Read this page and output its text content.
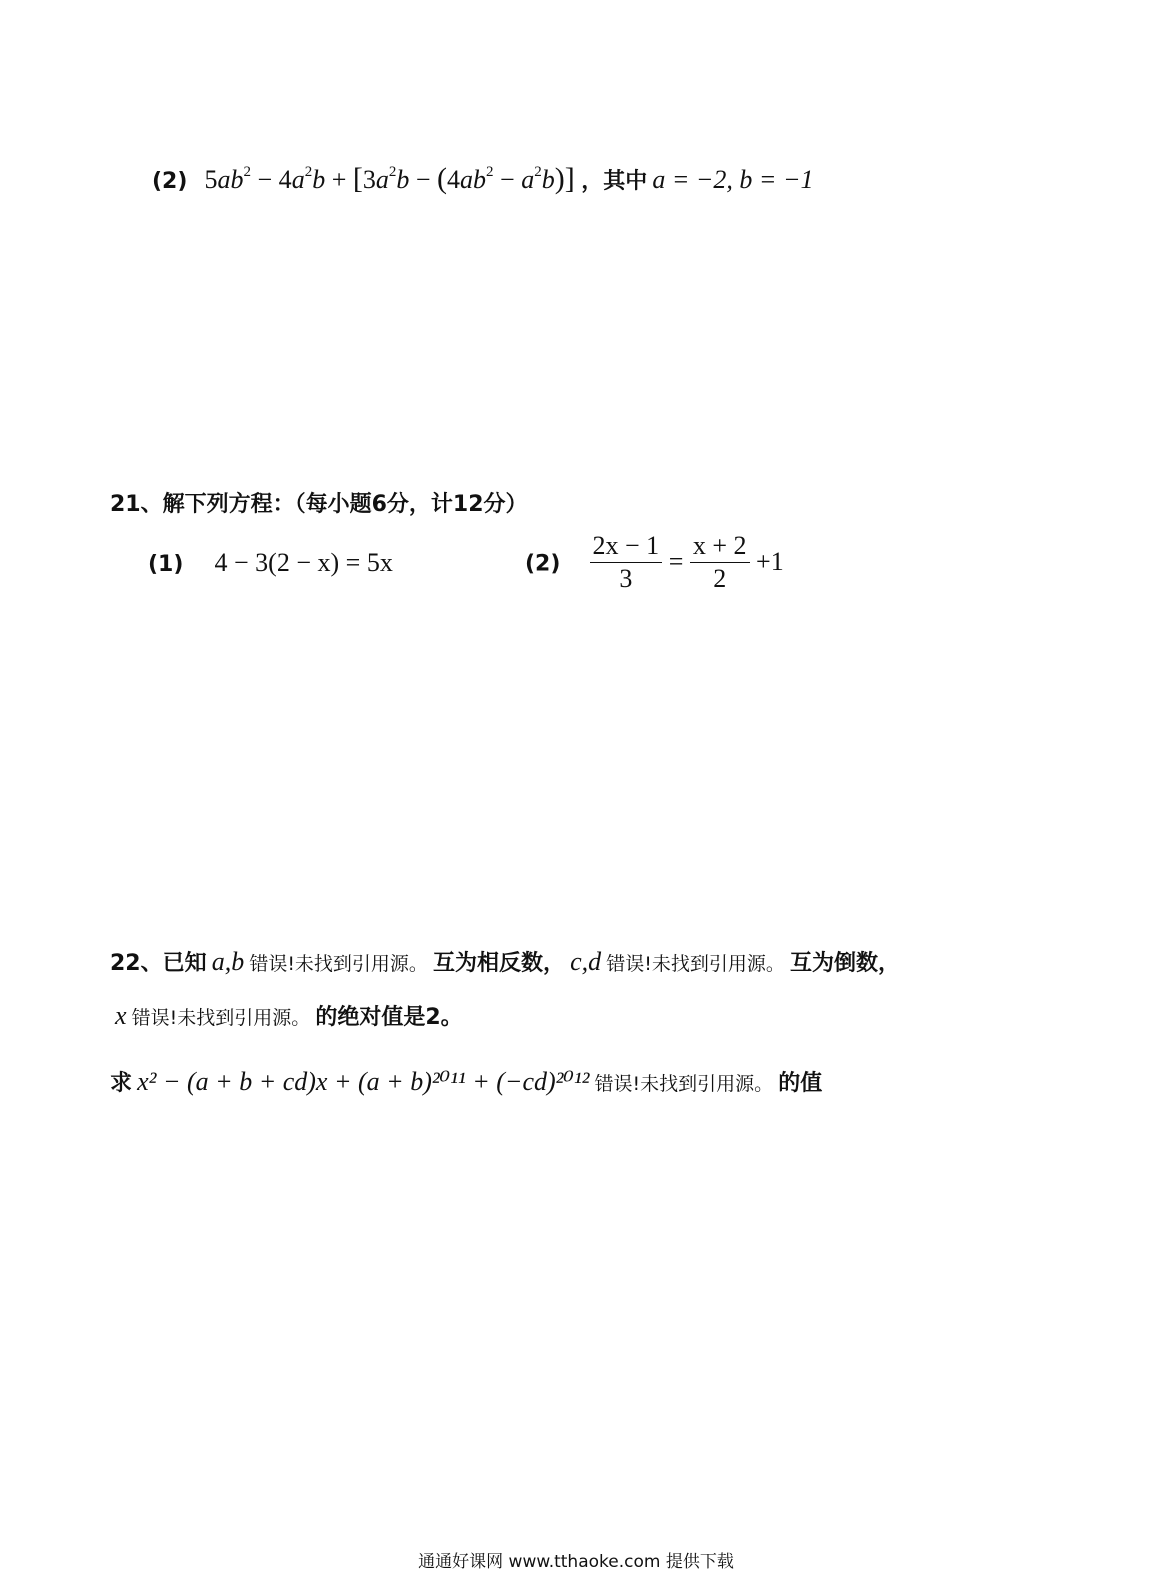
(2) $5ab^2 - 4a^2b + [3a^2b - (4ab^2 - a^2b)]$ ，其中 a = −2, b = −1
21、解下列方程：（每小题6分，计12分）
(1) 4 − 3(2 − x) = 5x	$(2) \frac{2x - 1}{3} = \frac{x + 2}{2} +1$
22、已知 a,b 错误!未找到引用源。 互为相反数， c,d 错误!未找到引用源。 互为倒数，
x 错误!未找到引用源。 的绝对值是2。
求 x² − (a + b + cd)x + (a + b)²⁰¹¹ + (−cd)²⁰¹² 错误!未找到引用源。 的值
通通好课网 www.tthaoke.com 提供下载
